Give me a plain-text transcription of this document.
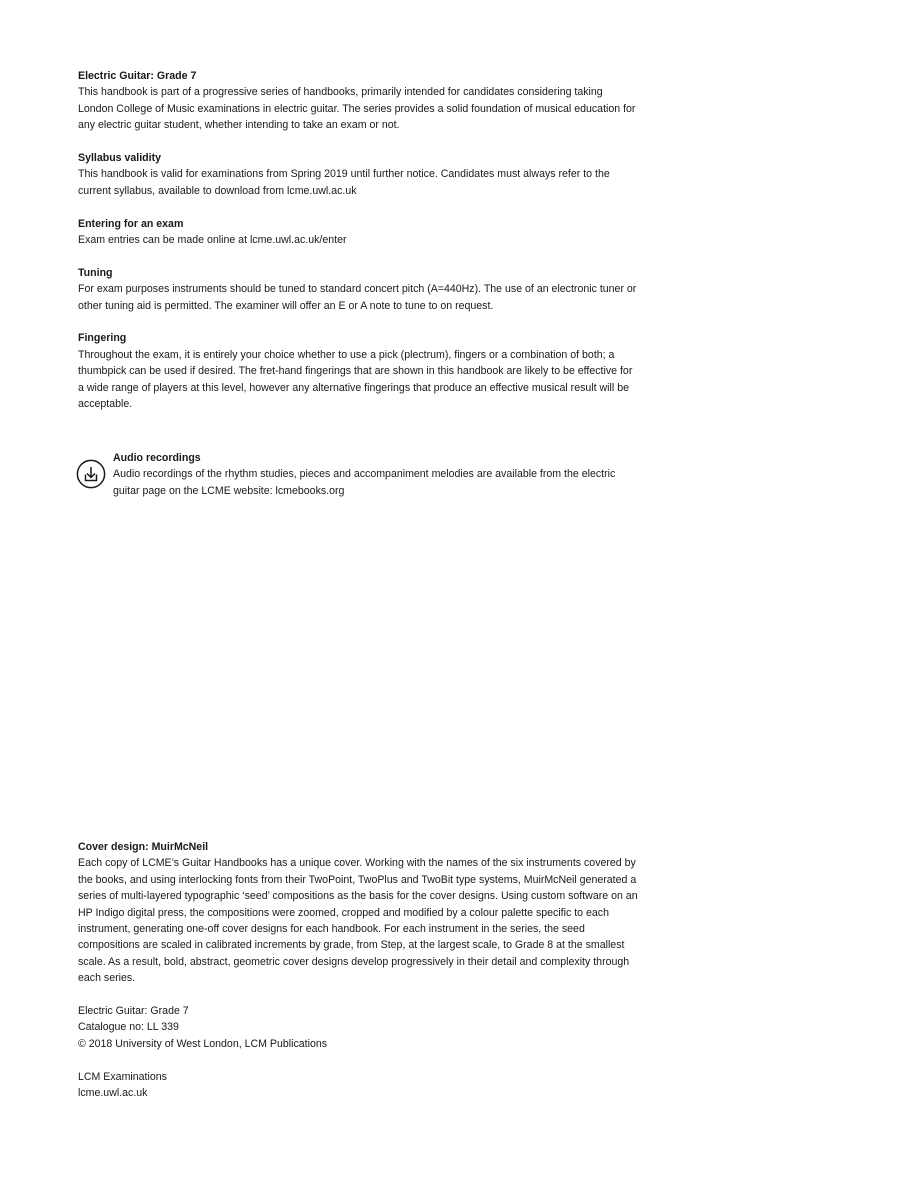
Electric Guitar: Grade 7

This handbook is part of a progressive series of handbooks, primarily intended for candidates considering taking London College of Music examinations in electric guitar. The series provides a solid foundation of musical education for any electric guitar student, whether intending to take an exam or not.

Syllabus validity

This handbook is valid for examinations from Spring 2019 until further notice. Candidates must always refer to the current syllabus, available to download from lcme.uwl.ac.uk

Entering for an exam

Exam entries can be made online at lcme.uwl.ac.uk/enter

Tuning

For exam purposes instruments should be tuned to standard concert pitch (A=440Hz). The use of an electronic tuner or other tuning aid is permitted. The examiner will offer an E or A note to tune to on request.

Fingering

Throughout the exam, it is entirely your choice whether to use a pick (plectrum), fingers or a combination of both; a thumbpick can be used if desired. The fret-hand fingerings that are shown in this handbook are likely to be effective for a wide range of players at this level, however any alternative fingerings that produce an effective musical result will be acceptable.

Audio recordings

Audio recordings of the rhythm studies, pieces and accompaniment melodies are available from the electric guitar page on the LCME website: lcmebooks.org

Cover design: MuirMcNeil

Each copy of LCME’s Guitar Handbooks has a unique cover. Working with the names of the six instruments covered by the books, and using interlocking fonts from their TwoPoint, TwoPlus and TwoBit type systems, MuirMcNeil generated a series of multi-layered typographic ‘seed’ compositions as the basis for the cover designs. Using custom software on an HP Indigo digital press, the compositions were zoomed, cropped and modified by a colour palette specific to each instrument, generating one-off cover designs for each handbook. For each instrument in the series, the seed compositions are scaled in calibrated increments by grade, from Step, at the largest scale, to Grade 8 at the smallest scale. As a result, bold, abstract, geometric cover designs develop progressively in their detail and complexity through each series.

Electric Guitar: Grade 7
Catalogue no: LL 339
© 2018 University of West London, LCM Publications
LCM Examinations
lcme.uwl.ac.uk
